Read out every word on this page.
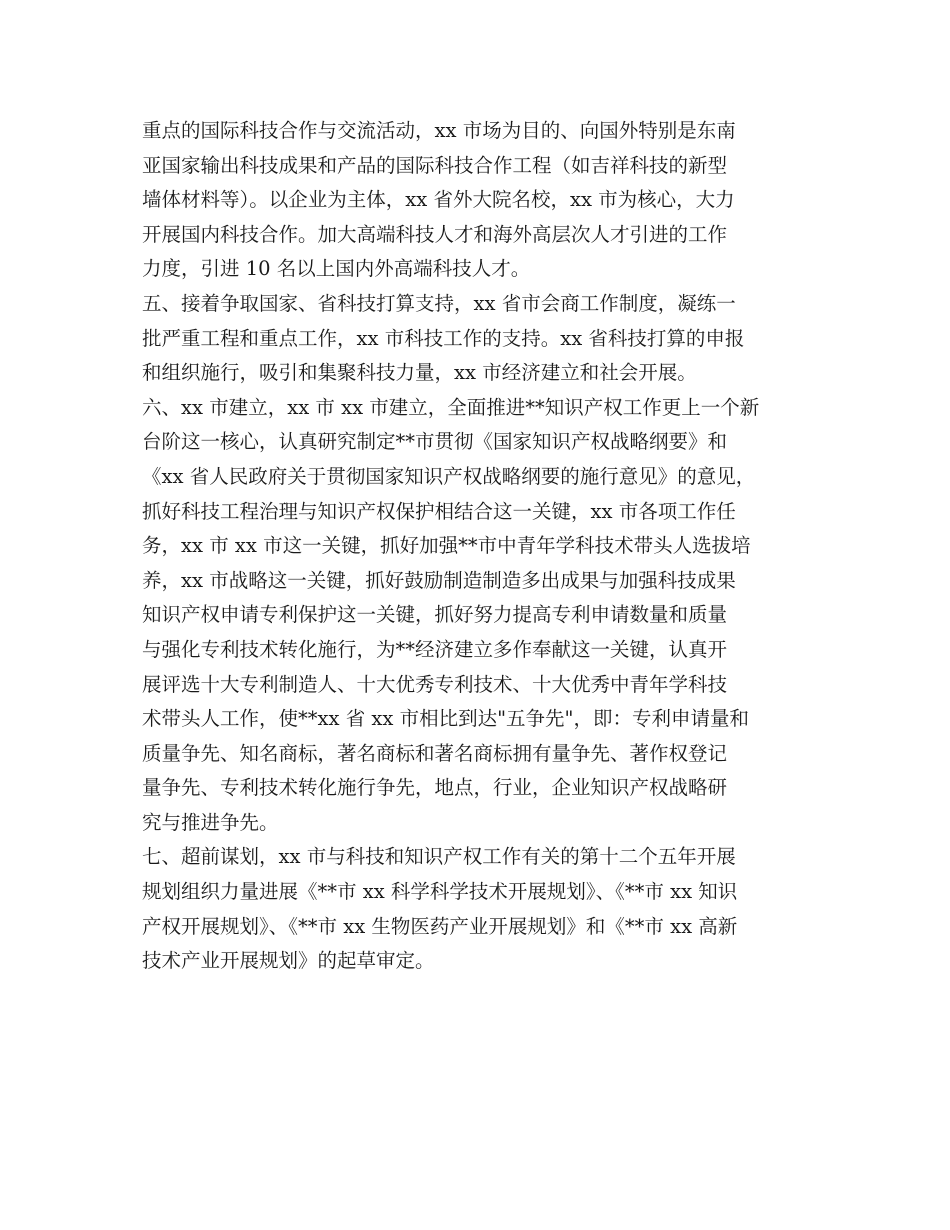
重点的国际科技合作与交流活动，xx 市场为目的、向国外特别是东南
亚国家输出科技成果和产品的国际科技合作工程（如吉祥科技的新型
墙体材料等）。以企业为主体，xx 省外大院名校，xx 市为核心，大力
开展国内科技合作。加大高端科技人才和海外高层次人才引进的工作
力度，引进 10 名以上国内外高端科技人才。
五、接着争取国家、省科技打算支持，xx 省市会商工作制度，凝练一
批严重工程和重点工作，xx 市科技工作的支持。xx 省科技打算的申报
和组织施行，吸引和集聚科技力量，xx 市经济建立和社会开展。
六、xx 市建立，xx 市 xx 市建立，全面推进**知识产权工作更上一个新
台阶这一核心，认真研究制定**市贯彻《国家知识产权战略纲要》和
《xx 省人民政府关于贯彻国家知识产权战略纲要的施行意见》的意见，
抓好科技工程治理与知识产权保护相结合这一关键，xx 市各项工作任
务，xx 市 xx 市这一关键，抓好加强**市中青年学科技术带头人选拔培
养，xx 市战略这一关键，抓好鼓励制造制造多出成果与加强科技成果
知识产权申请专利保护这一关键，抓好努力提高专利申请数量和质量
与强化专利技术转化施行，为**经济建立多作奉献这一关键，认真开
展评选十大专利制造人、十大优秀专利技术、十大优秀中青年学科技
术带头人工作，使**xx 省 xx 市相比到达"五争先"，即：专利申请量和
质量争先、知名商标，著名商标和著名商标拥有量争先、著作权登记
量争先、专利技术转化施行争先，地点，行业，企业知识产权战略研
究与推进争先。
七、超前谋划，xx 市与科技和知识产权工作有关的第十二个五年开展
规划组织力量进展《**市 xx 科学科学技术开展规划》、《**市 xx 知识
产权开展规划》、《**市 xx 生物医药产业开展规划》和《**市 xx 高新
技术产业开展规划》的起草审定。
